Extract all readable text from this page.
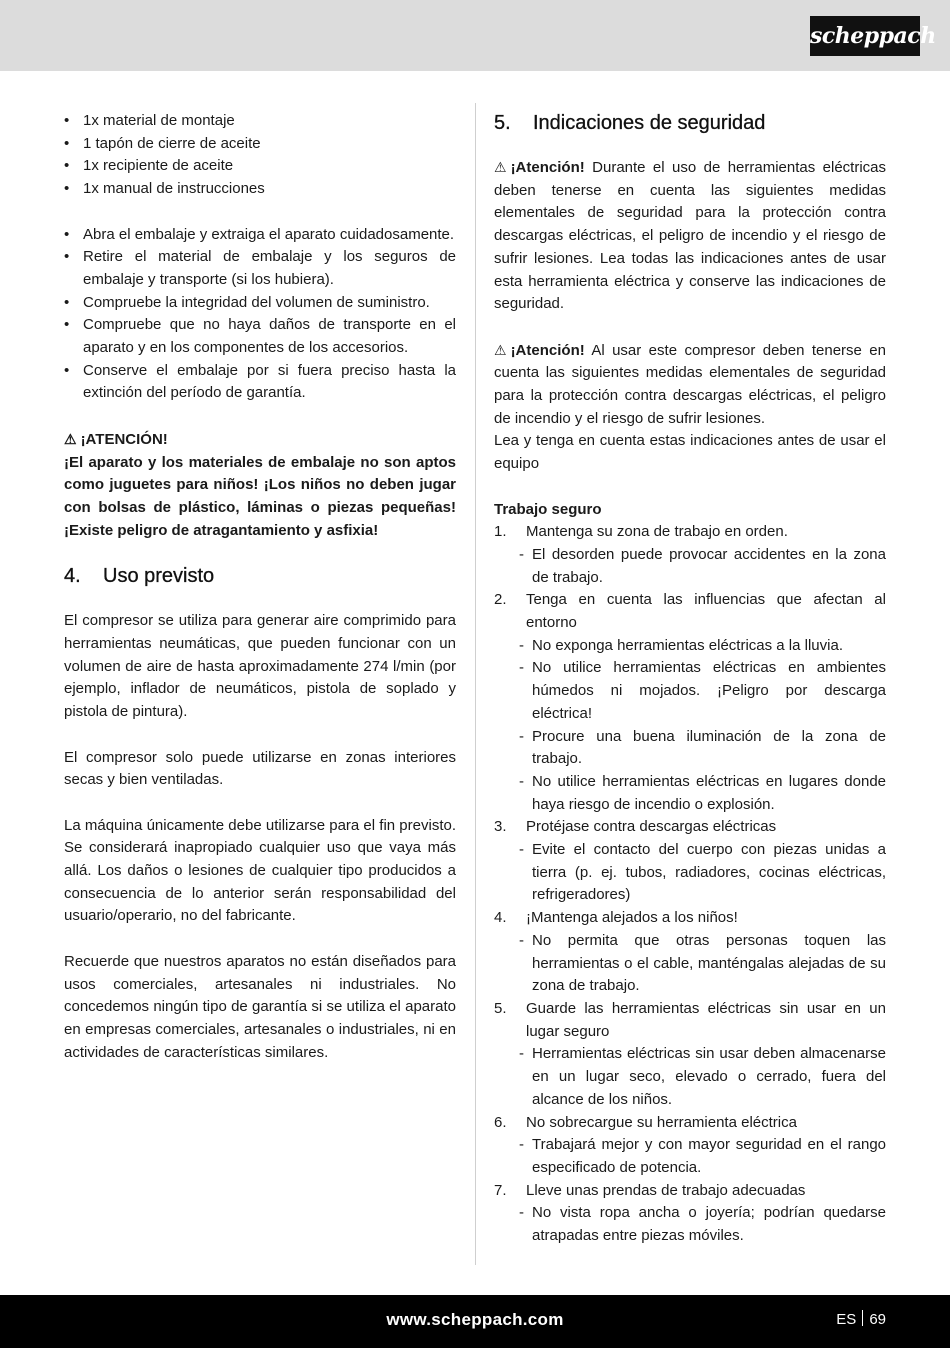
scheppach
• 1x material de montaje
• 1 tapón de cierre de aceite
• 1x recipiente de aceite
• 1x manual de instrucciones
• Abra el embalaje y extraiga el aparato cuidadosamente.
• Retire el material de embalaje y los seguros de embalaje y transporte (si los hubiera).
• Compruebe la integridad del volumen de suministro.
• Compruebe que no haya daños de transporte en el aparato y en los componentes de los accesorios.
• Conserve el embalaje por si fuera preciso hasta la extinción del período de garantía.
⚠ ¡ATENCIÓN!

¡El aparato y los materiales de embalaje no son aptos como juguetes para niños! ¡Los niños no deben jugar con bolsas de plástico, láminas o piezas pequeñas! ¡Existe peligro de atragantamiento y asfixia!

4. Uso previsto

El compresor se utiliza para generar aire comprimido para herramientas neumáticas, que pueden funcionar con un volumen de aire de hasta aproximadamente 274 l/min (por ejemplo, inflador de neumáticos, pistola de soplado y pistola de pintura).

El compresor solo puede utilizarse en zonas interiores secas y bien ventiladas.

La máquina únicamente debe utilizarse para el fin previsto. Se considerará inapropiado cualquier uso que vaya más allá. Los daños o lesiones de cualquier tipo producidos a consecuencia de lo anterior serán responsabilidad del usuario/operario, no del fabricante.

Recuerde que nuestros aparatos no están diseñados para usos comerciales, artesanales ni industriales. No concedemos ningún tipo de garantía si se utiliza el aparato en empresas comerciales, artesanales o industriales, ni en actividades de características similares.

5. Indicaciones de seguridad

⚠ ¡Atención! Durante el uso de herramientas eléctricas deben tenerse en cuenta las siguientes medidas elementales de seguridad para la protección contra descargas eléctricas, el peligro de incendio y el riesgo de sufrir lesiones. Lea todas las indicaciones antes de usar esta herramienta eléctrica y conserve las indicaciones de seguridad.

⚠ ¡Atención! Al usar este compresor deben tenerse en cuenta las siguientes medidas elementales de seguridad para la protección contra descargas eléctricas, el peligro de incendio y el riesgo de sufrir lesiones.

Lea y tenga en cuenta estas indicaciones antes de usar el equipo

Trabajo seguro
1. Mantenga su zona de trabajo en orden.
- El desorden puede provocar accidentes en la zona de trabajo.
2. Tenga en cuenta las influencias que afectan al entorno
- No exponga herramientas eléctricas a la lluvia.
- No utilice herramientas eléctricas en ambientes húmedos ni mojados. ¡Peligro por descarga eléctrica!
- Procure una buena iluminación de la zona de trabajo.
- No utilice herramientas eléctricas en lugares donde haya riesgo de incendio o explosión.
3. Protéjase contra descargas eléctricas
- Evite el contacto del cuerpo con piezas unidas a tierra (p. ej. tubos, radiadores, cocinas eléctricas, refrigeradores)
4. ¡Mantenga alejados a los niños!
- No permita que otras personas toquen las herramientas o el cable, manténgalas alejadas de su zona de trabajo.
5. Guarde las herramientas eléctricas sin usar en un lugar seguro
- Herramientas eléctricas sin usar deben almacenarse en un lugar seco, elevado o cerrado, fuera del alcance de los niños.
6. No sobrecargue su herramienta eléctrica
- Trabajará mejor y con mayor seguridad en el rango especificado de potencia.
7. Lleve unas prendas de trabajo adecuadas
- No vista ropa ancha o joyería; podrían quedarse atrapadas entre piezas móviles.
www.scheppach.com	ES 69
